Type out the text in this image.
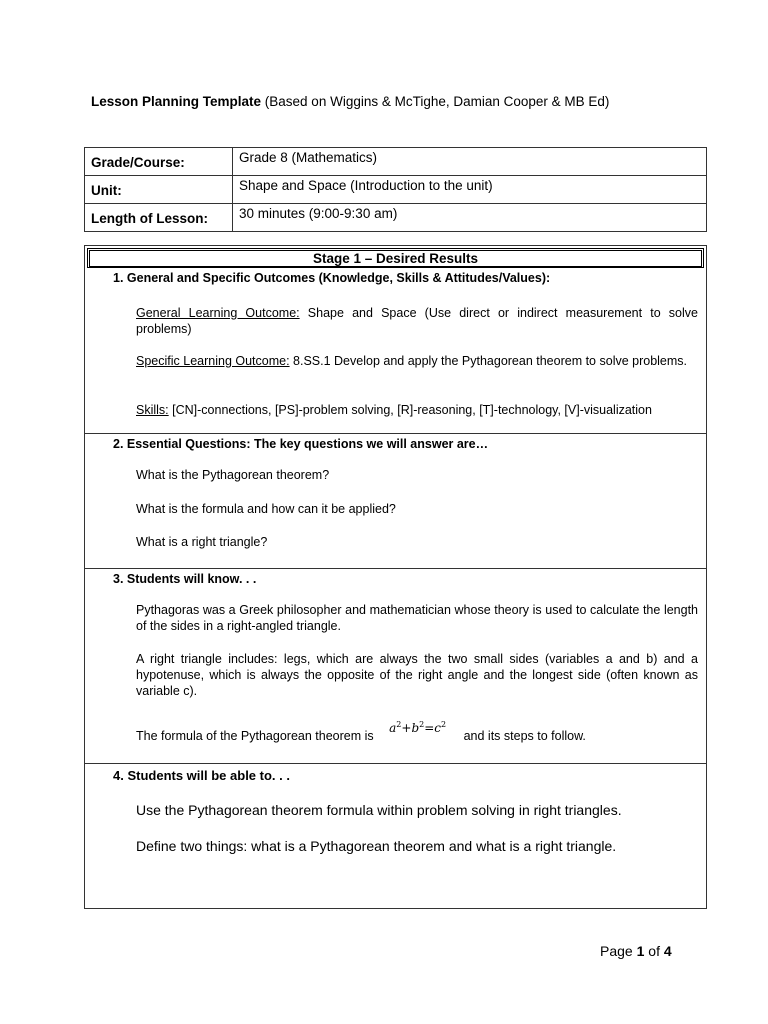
Lesson Planning Template (Based on Wiggins & McTighe, Damian Cooper & MB Ed)
Grade/Course:	Grade 8 (Mathematics)
Unit:	Shape and Space (Introduction to the unit)
Length of Lesson:	30 minutes (9:00-9:30 am)
Stage 1 – Desired Results
1. General and Specific Outcomes (Knowledge, Skills & Attitudes/Values):
General Learning Outcome: Shape and Space (Use direct or indirect measurement to solve problems)
Specific Learning Outcome: 8.SS.1 Develop and apply the Pythagorean theorem to solve problems.
Skills: [CN]-connections, [PS]-problem solving, [R]-reasoning, [T]-technology, [V]-visualization
2. Essential Questions: The key questions we will answer are…
What is the Pythagorean theorem?
What is the formula and how can it be applied?
What is a right triangle?
3. Students will know. . .
Pythagoras was a Greek philosopher and mathematician whose theory is used to calculate the length of the sides in a right-angled triangle.
A right triangle includes: legs, which are always the two small sides (variables a and b) and a hypotenuse, which is always the opposite of the right angle and the longest side (often known as variable c).
The formula of the Pythagorean theorem is $a^2+b^2=c^2$ and its steps to follow.
4. Students will be able to. . .
Use the Pythagorean theorem formula within problem solving in right triangles.
Define two things: what is a Pythagorean theorem and what is a right triangle.
Page 1 of 4
